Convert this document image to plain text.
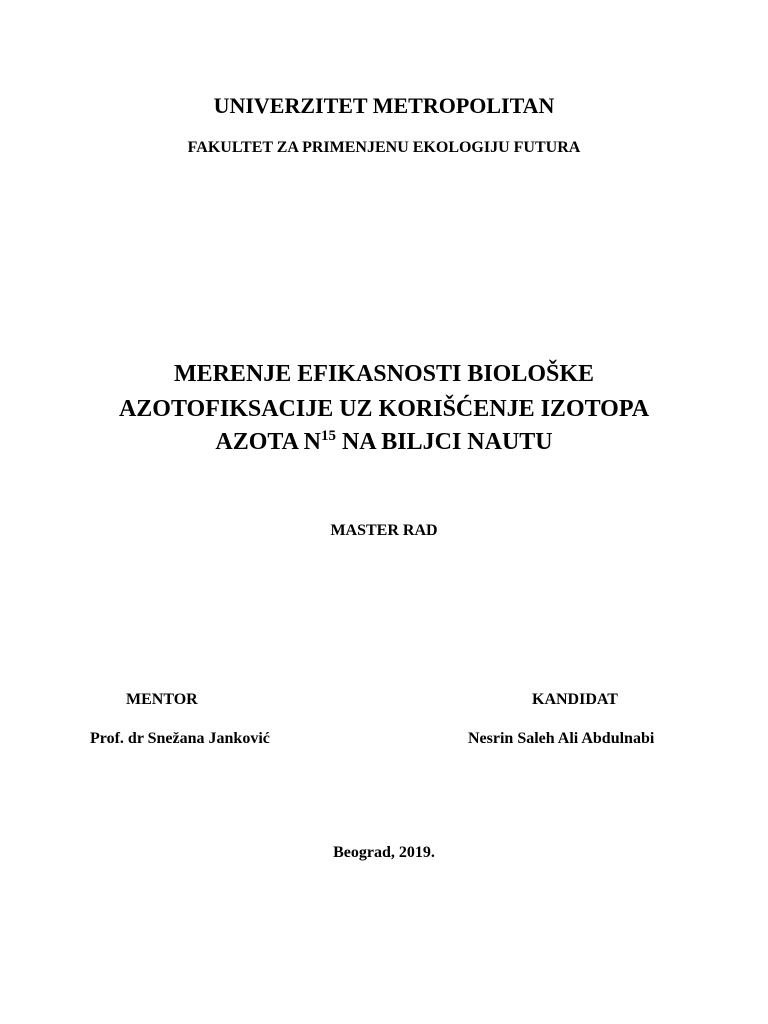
UNIVERZITET METROPOLITAN
FAKULTET ZA PRIMENJENU EKOLOGIJU FUTURA
MERENJE EFIKASNOSTI BIOLOŠKE
AZOTOFIKSACIJE UZ KORIŠĆENJE IZOTOPA
AZOTA $N^{15}$ NA BILJCI NAUTU
MASTER RAD
MENTOR	KANDIDAT
Prof. dr Snežana Janković	Nesrin Saleh Ali Abdulnabi
Beograd, 2019.
